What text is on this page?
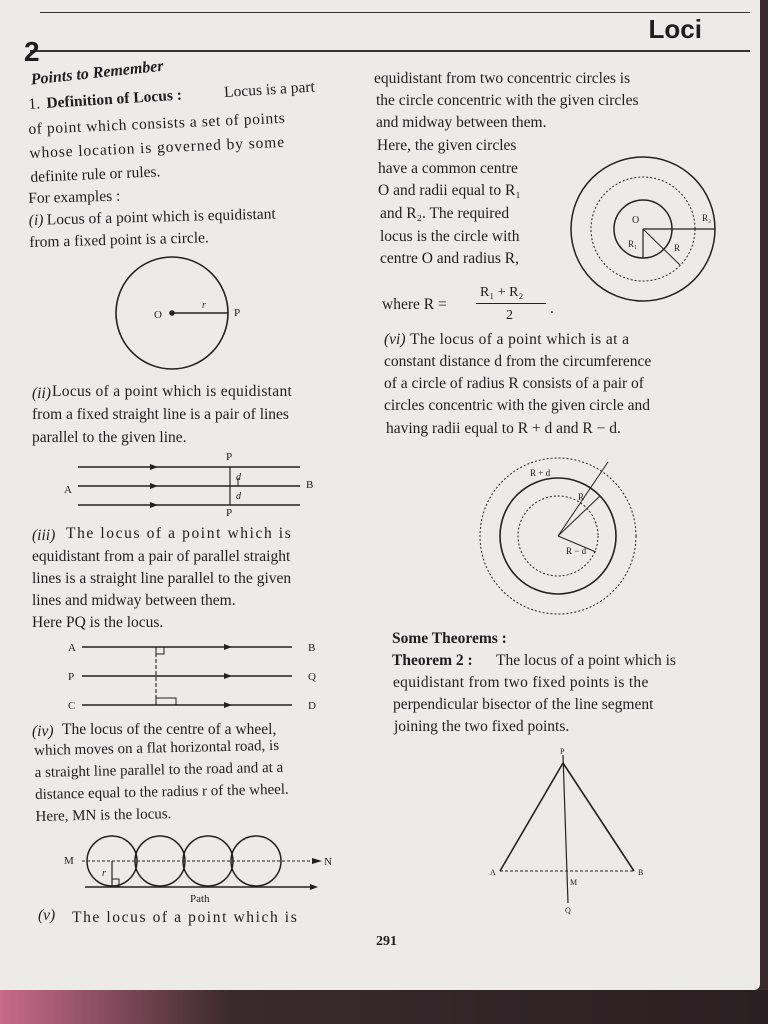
2
Loci
Points to Remember
1. Definition of Locus :	Locus is a part
of point which consists a set of points
whose location is governed by some
definite rule or rules.
For examples :
(i) Locus of a point which is equidistant
from a fixed point is a circle.
O
r
P
(ii) Locus of a point which is equidistant
from a fixed straight line is a pair of lines
parallel to the given line.
P
d
d
A	B
P
(iii) The locus of a point which is
equidistant from a pair of parallel straight
lines is a straight line parallel to the given
lines and midway between them.
Here PQ is the locus.
A	B
P	Q
C	D
(iv) The locus of the centre of a wheel,
which moves on a flat horizontal road, is
a straight line parallel to the road and at a
distance equal to the radius r of the wheel.
Here, MN is the locus.
M	N
r
Path
(v) The locus of a point which is
equidistant from two concentric circles is
the circle concentric with the given circles
and midway between them.
Here, the given circles
have a common centre
O and radii equal to R₁
and R₂. The required
locus is the circle with
centre O and radius R,
O
R₁
R₂
R
where R =
R₁ + R₂
2 .
(vi) The locus of a point which is at a
constant distance d from the circumference
of a circle of radius R consists of a pair of
circles concentric with the given circle and
having radii equal to R + d and R − d.
R + d
R
R − d
Some Theorems :
Theorem 2 : The locus of a point which is
equidistant from two fixed points is the
perpendicular bisector of the line segment
joining the two fixed points.
P
A	B
M
Q
291
